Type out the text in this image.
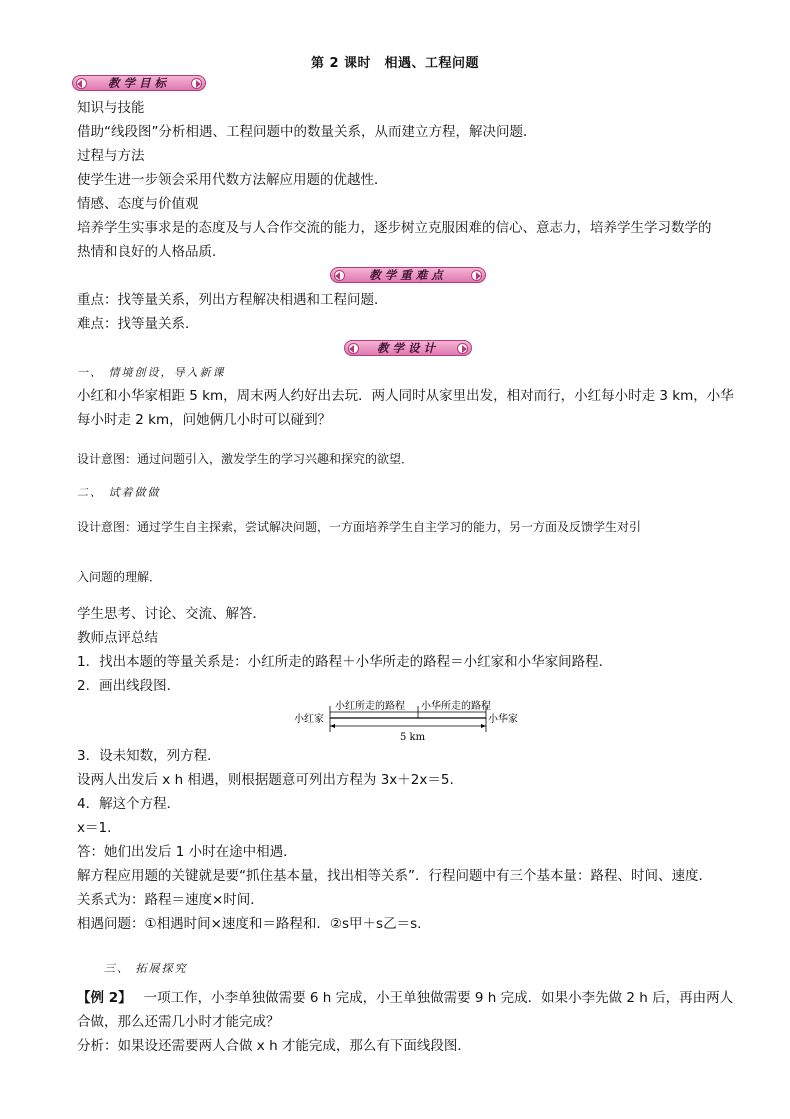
第 2 课时　相遇、工程问题
教学目标
知识与技能
借助“线段图”分析相遇、工程问题中的数量关系，从而建立方程，解决问题．
过程与方法
使学生进一步领会采用代数方法解应用题的优越性．
情感、态度与价值观
培养学生实事求是的态度及与人合作交流的能力，逐步树立克服困难的信心、意志力，培养学生学习数学的
热情和良好的人格品质．
教学重难点
重点：找等量关系，列出方程解决相遇和工程问题．
难点：找等量关系．
教学设计
一、 情境创设，导入新课
小红和小华家相距 5 km，周末两人约好出去玩．两人同时从家里出发，相对而行，小红每小时走 3 km，小华
每小时走 2 km，问她俩几小时可以碰到？
设计意图：通过问题引入，激发学生的学习兴趣和探究的欲望．
二、 试着做做
设计意图：通过学生自主探索，尝试解决问题，一方面培养学生自主学习的能力，另一方面及反馈学生对引
入问题的理解．
学生思考、讨论、交流、解答．
教师点评总结
1．找出本题的等量关系是：小红所走的路程＋小华所走的路程＝小红家和小华家间路程．
2．画出线段图．
小红家	小华家
小红所走的路程 小华所走的路程
5 km
3．设未知数，列方程．
设两人出发后 x h 相遇，则根据题意可列出方程为 3x＋2x＝5.
4．解这个方程．
x＝1.
答：她们出发后 1 小时在途中相遇．
解方程应用题的关键就是要“抓住基本量，找出相等关系”．行程问题中有三个基本量：路程、时间、速度．
关系式为：路程＝速度×时间．
相遇问题：①相遇时间×速度和＝路程和．②s甲＋s乙＝s.
三、 拓展探究
【例 2】 一项工作，小李单独做需要 6 h 完成，小王单独做需要 9 h 完成．如果小李先做 2 h 后，再由两人
合做，那么还需几小时才能完成？
分析：如果设还需要两人合做 x h 才能完成，那么有下面线段图．
